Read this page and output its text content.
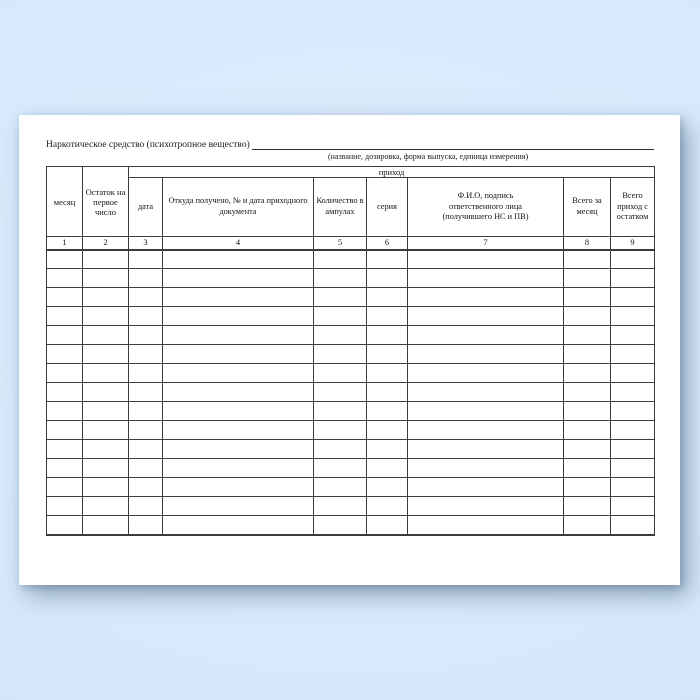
Наркотическое средство (психотропное вещество)
(название, дозировка, форма выпуска, единица измерения)
месяц	Остаток на первое число	приход						
		дата	Откуда получено, № и дата приходного документа	Количество в ампулах	серия	Ф.И.О, подпись ответственного лица (получившего НС и ПВ)	Всего за месяц	Всего приход с остатком
1	2	3	4	5	6	7	8	9
